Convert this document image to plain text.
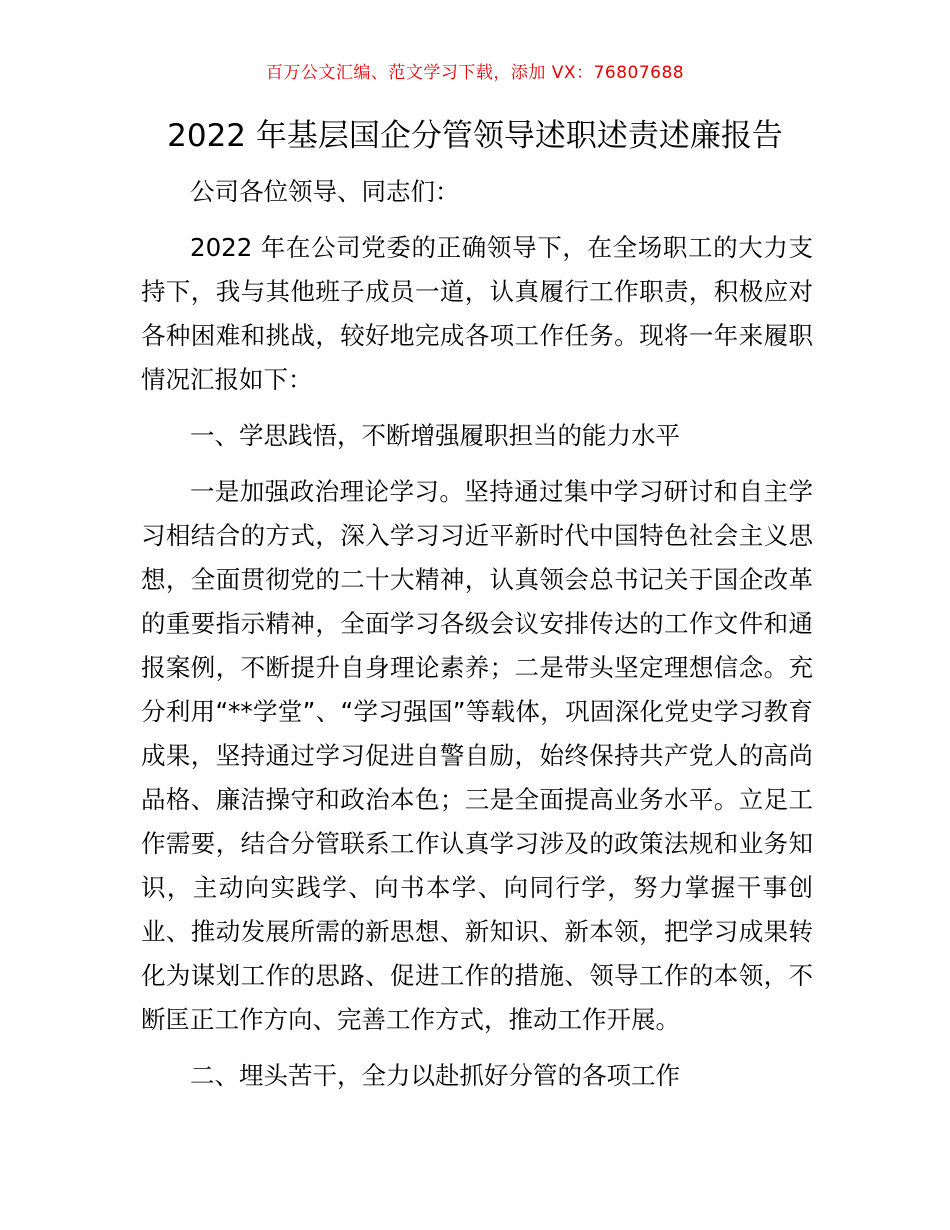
百万公文汇编、范文学习下载，添加 VX：76807688
2022 年基层国企分管领导述职述责述廉报告

公司各位领导、同志们：

2022 年在公司党委的正确领导下，在全场职工的大力支持下，我与其他班子成员一道，认真履行工作职责，积极应对各种困难和挑战，较好地完成各项工作任务。现将一年来履职情况汇报如下：

一、学思践悟，不断增强履职担当的能力水平

一是加强政治理论学习。坚持通过集中学习研讨和自主学习相结合的方式，深入学习习近平新时代中国特色社会主义思想，全面贯彻党的二十大精神，认真领会总书记关于国企改革的重要指示精神，全面学习各级会议安排传达的工作文件和通报案例，不断提升自身理论素养；二是带头坚定理想信念。充分利用“**学堂”、“学习强国”等载体，巩固深化党史学习教育成果，坚持通过学习促进自警自励，始终保持共产党人的高尚品格、廉洁操守和政治本色；三是全面提高业务水平。立足工作需要，结合分管联系工作认真学习涉及的政策法规和业务知识，主动向实践学、向书本学、向同行学，努力掌握干事创业、推动发展所需的新思想、新知识、新本领，把学习成果转化为谋划工作的思路、促进工作的措施、领导工作的本领，不断匡正工作方向、完善工作方式，推动工作开展。

二、埋头苦干，全力以赴抓好分管的各项工作
